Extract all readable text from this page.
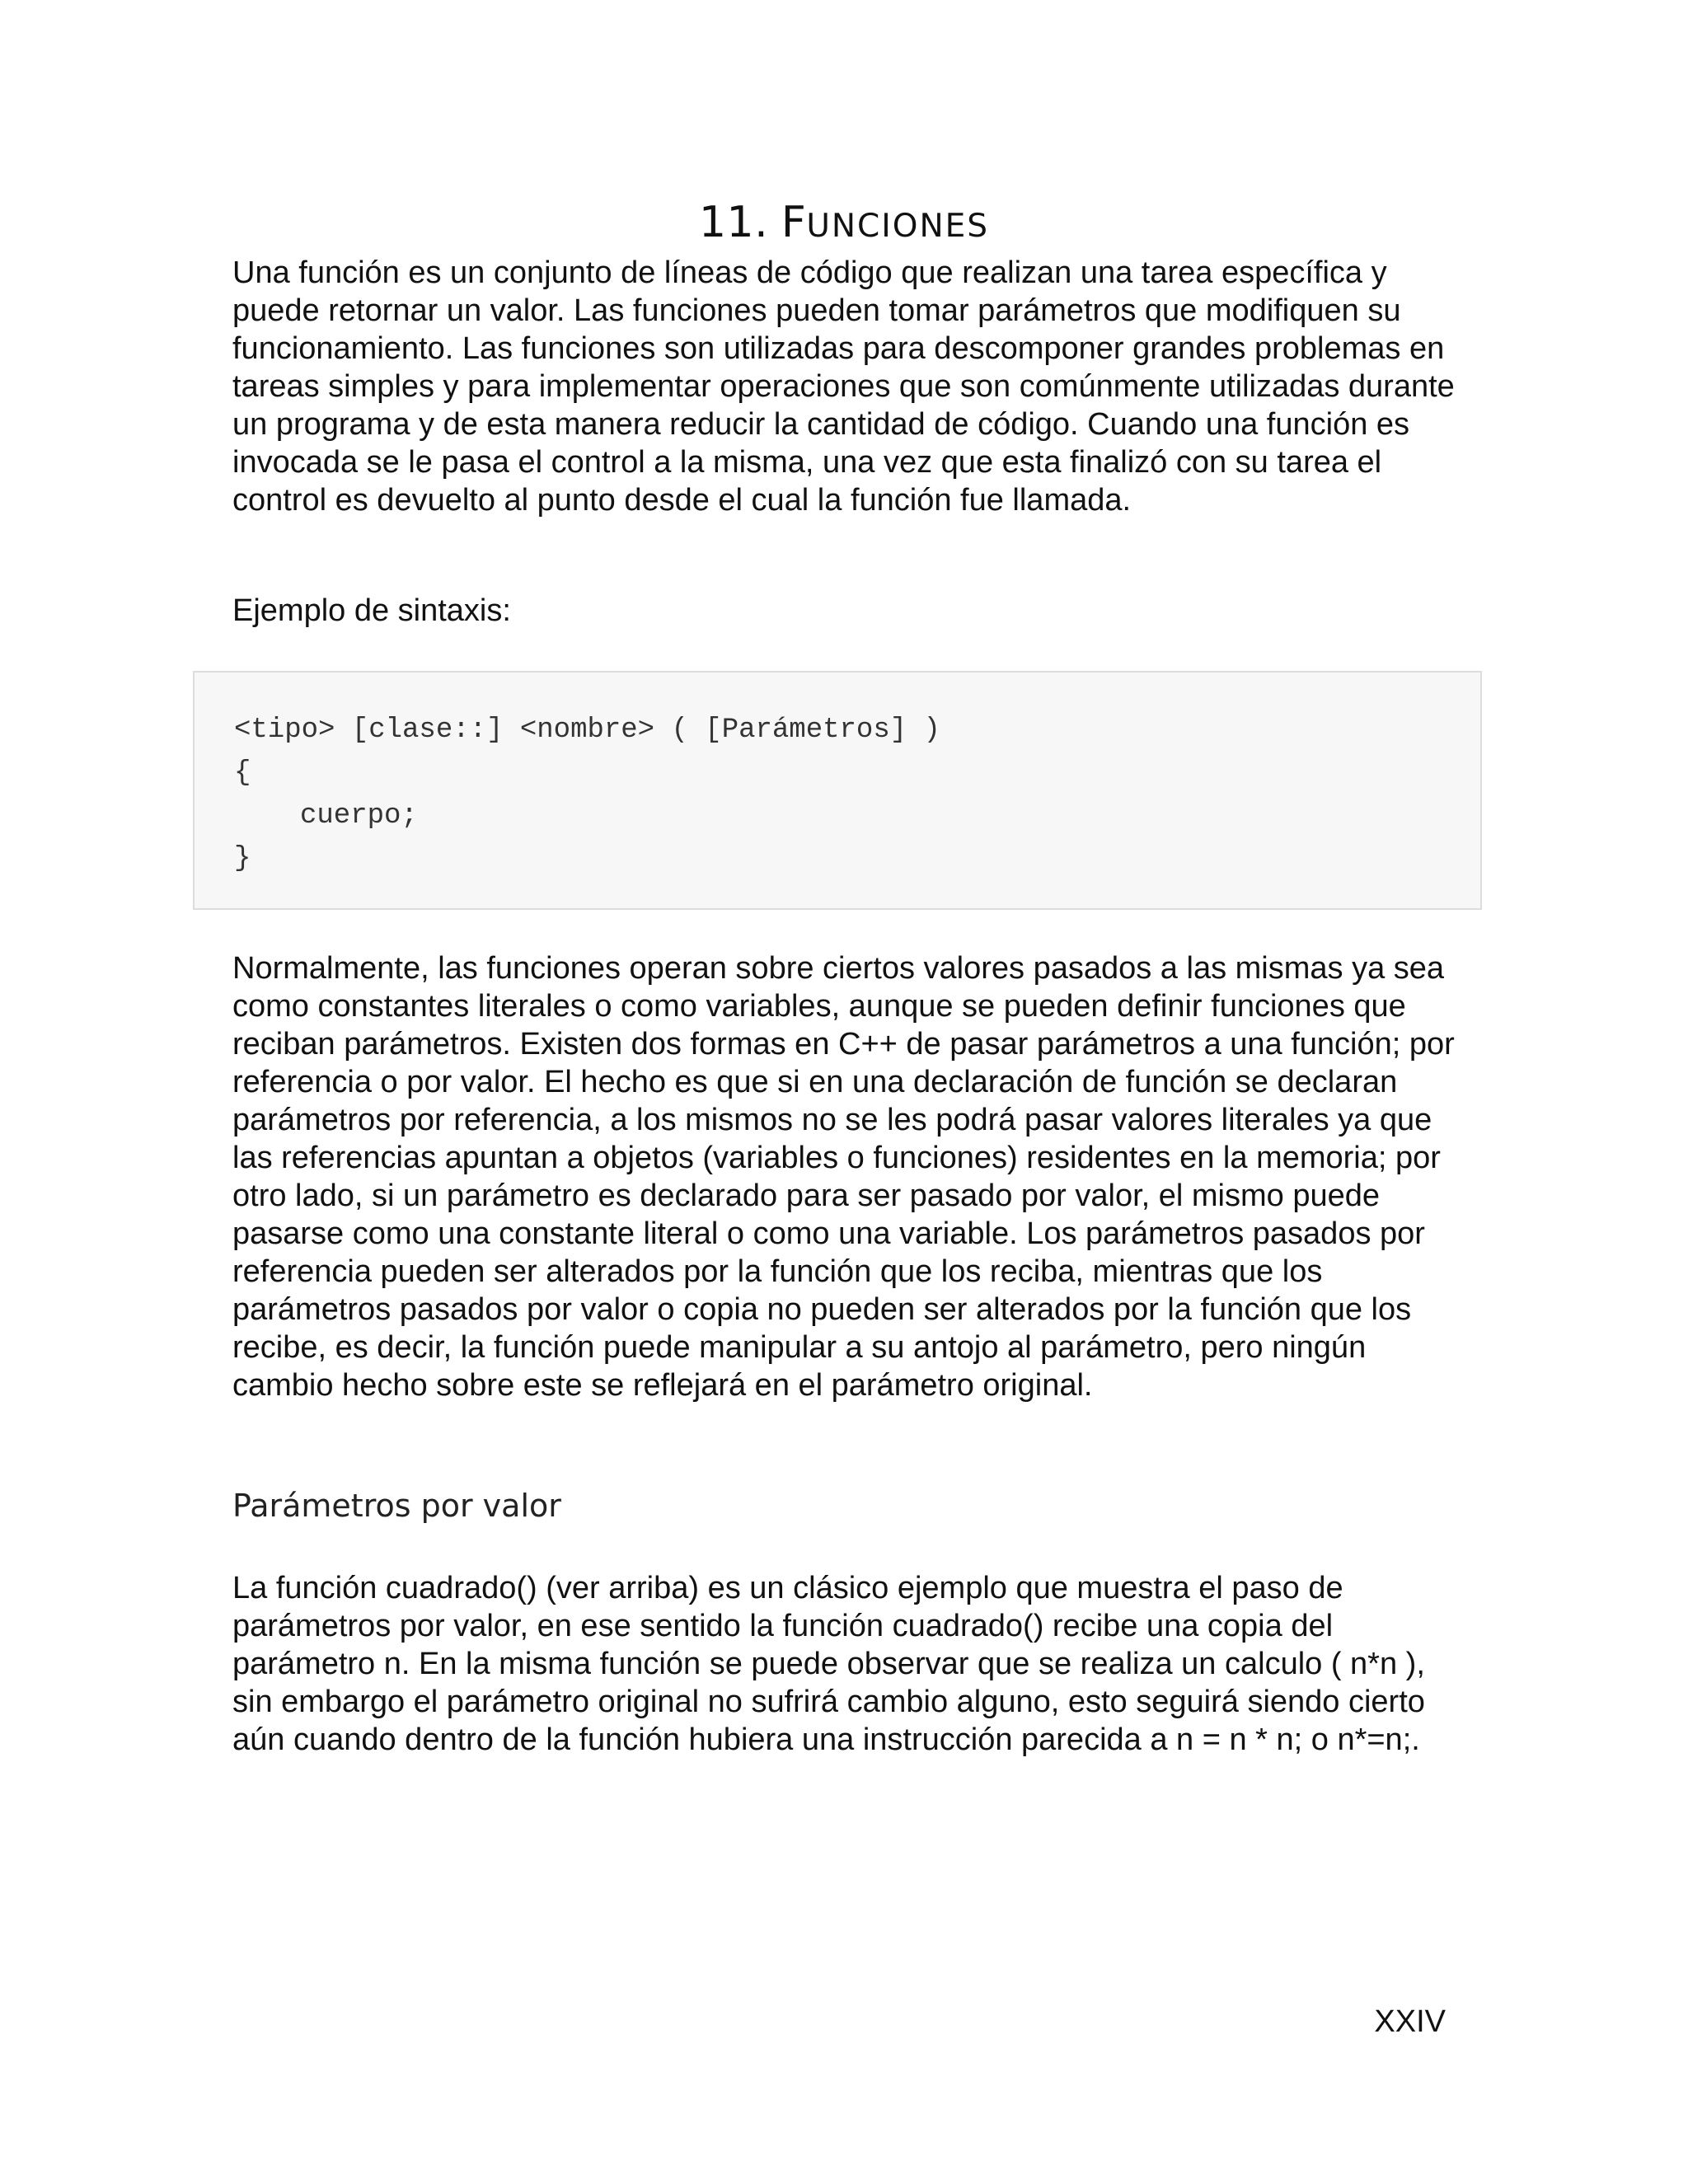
11. FUNCIONES

Una función es un conjunto de líneas de código que realizan una tarea específica y puede retornar un valor. Las funciones pueden tomar parámetros que modifiquen su funcionamiento. Las funciones son utilizadas para descomponer grandes problemas en tareas simples y para implementar operaciones que son comúnmente utilizadas durante un programa y de esta manera reducir la cantidad de código. Cuando una función es invocada se le pasa el control a la misma, una vez que esta finalizó con su tarea el control es devuelto al punto desde el cual la función fue llamada.

Ejemplo de sintaxis:

<tipo> [clase::] <nombre> ( [Parámetros] )
{
cuerpo;
}

Normalmente, las funciones operan sobre ciertos valores pasados a las mismas ya sea como constantes literales o como variables, aunque se pueden definir funciones que reciban parámetros. Existen dos formas en C++ de pasar parámetros a una función; por referencia o por valor. El hecho es que si en una declaración de función se declaran parámetros por referencia, a los mismos no se les podrá pasar valores literales ya que las referencias apuntan a objetos (variables o funciones) residentes en la memoria; por otro lado, si un parámetro es declarado para ser pasado por valor, el mismo puede pasarse como una constante literal o como una variable. Los parámetros pasados por referencia pueden ser alterados por la función que los reciba, mientras que los parámetros pasados por valor o copia no pueden ser alterados por la función que los recibe, es decir, la función puede manipular a su antojo al parámetro, pero ningún cambio hecho sobre este se reflejará en el parámetro original.

Parámetros por valor

La función cuadrado() (ver arriba) es un clásico ejemplo que muestra el paso de parámetros por valor, en ese sentido la función cuadrado() recibe una copia del parámetro n. En la misma función se puede observar que se realiza un calculo ( n*n ), sin embargo el parámetro original no sufrirá cambio alguno, esto seguirá siendo cierto aún cuando dentro de la función hubiera una instrucción parecida a n = n * n; o n*=n;.

XXIV
